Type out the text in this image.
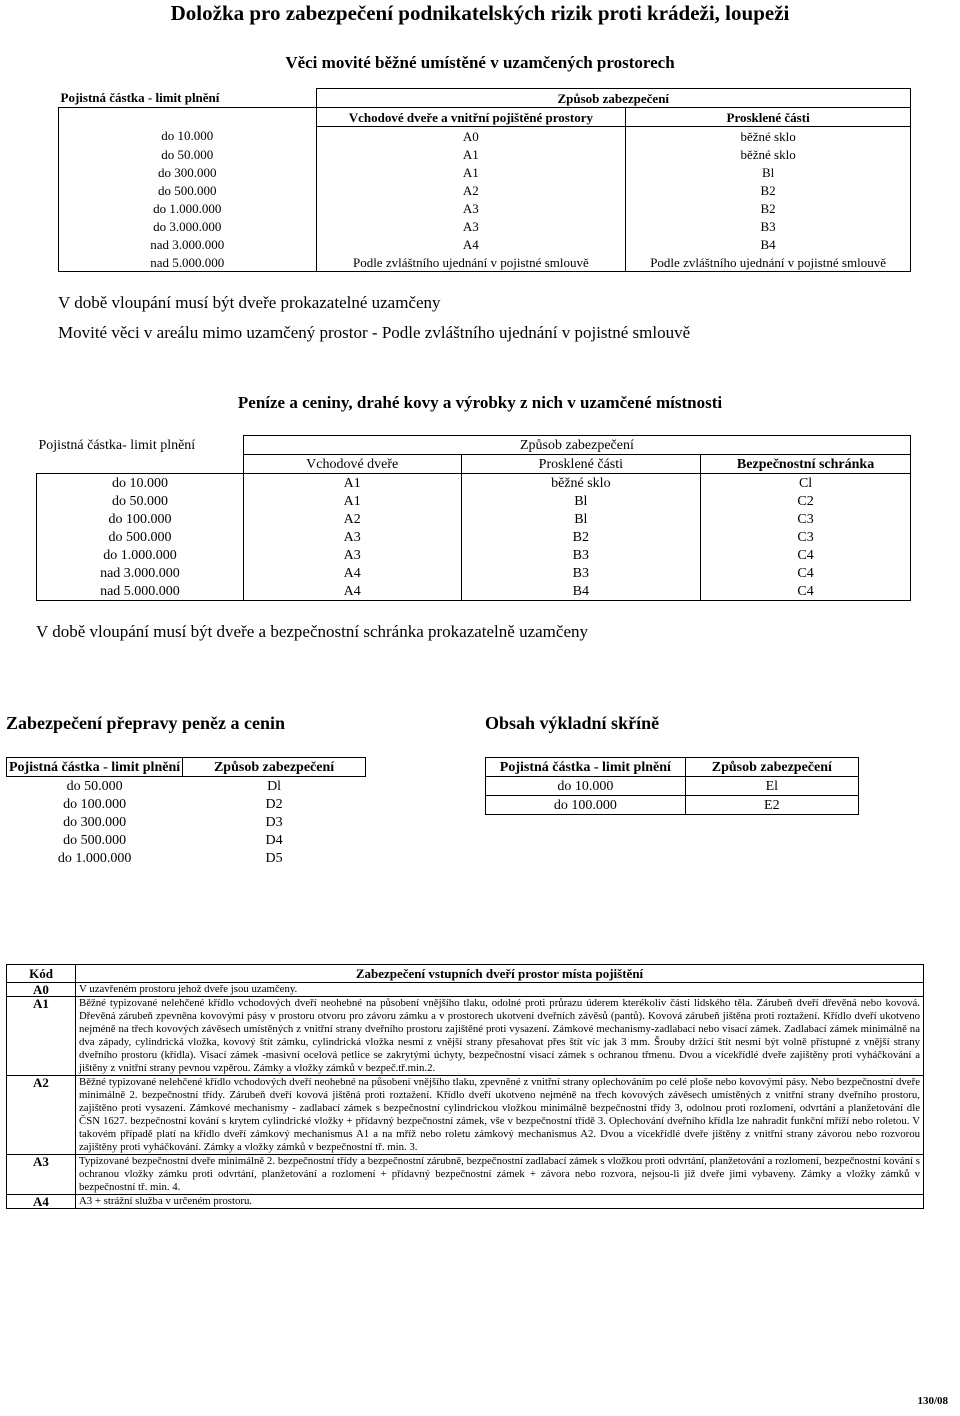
Doložka pro zabezpečení podnikatelských rizik proti krádeži, loupeži
Věci movité běžné umístěné v uzamčených prostorech
Pojistná částka - limit plnění	Způsob zabezpečení	
	Vchodové dveře a vnitřní pojištěné prostory	Prosklené části
do 10.000	A0	běžné sklo
do 50.000	A1	běžné sklo
do 300.000	A1	Bl
do 500.000	A2	B2
do 1.000.000	A3	B2
do 3.000.000	A3	B3
nad 3.000.000	A4	B4
nad 5.000.000	Podle zvláštního ujednání v pojistné smlouvě	Podle zvláštního ujednání v pojistné smlouvě
V době vloupání musí být dveře prokazatelné uzamčeny
Movité věci v areálu mimo uzamčený prostor - Podle zvláštního ujednání v pojistné smlouvě
Peníze a ceniny, drahé kovy a výrobky z nich v uzamčené místnosti
Pojistná částka- limit plnění	Způsob zabezpečení		
	Vchodové dveře	Prosklené části	Bezpečnostní schránka
do 10.000	A1	běžné sklo	Cl
do 50.000	A1	Bl	C2
do 100.000	A2	Bl	C3
do 500.000	A3	B2	C3
do 1.000.000	A3	B3	C4
nad 3.000.000	A4	B3	C4
nad 5.000.000	A4	B4	C4
V době vloupání musí být dveře a bezpečnostní schránka prokazatelně uzamčeny
Zabezpečení přepravy peněz a cenin
Pojistná částka - limit plnění	Způsob zabezpečení
do 50.000	Dl
do 100.000	D2
do 300.000	D3
do 500.000	D4
do 1.000.000	D5
Obsah výkladní skříně
Pojistná částka - limit plnění	Způsob zabezpečení
do 10.000	El
do 100.000	E2
Kód	Zabezpečení vstupních dveří prostor místa pojištění
A0	V uzavřeném prostoru jehož dveře jsou uzamčeny.
A1	Běžné typizované nelehčené křídlo vchodových dveří neohebné na působení vnějšího tlaku, odolné proti průrazu úderem kterékoliv části lidského těla. Zárubeň dveří dřevěná nebo kovová. Dřevěná zárubeň zpevněna kovovými pásy v prostoru otvoru pro závoru zámku a v prostorech ukotvení dveřních závěsů (pantů). Kovová zárubeň jištěna proti roztažení. Křídlo dveří ukotveno nejméně na třech kovových závěsech umístěných z vnitřní strany dveřního prostoru zajištěné proti vysazení. Zámkové mechanismy-zadlabací nebo visací zámek. Zadlabací zámek minimálně na dva západy, cylindrická vložka, kovový štít zámku, cylindrická vložka nesmí z vnější strany přesahovat přes štít víc jak 3 mm. Šrouby držící štít nesmí být volně přístupné z vnější strany dveřního prostoru (křídla). Visací zámek -masivní ocelová petlice se zakrytými úchyty, bezpečnostní visací zámek s ochranou třmenu. Dvou a vícekřídlé dveře zajištěny proti vyháčkování a jištěny z vnitřní strany pevnou vzpěrou. Zámky a vložky zámků v bezpeč.tř.min.2.
A2	Běžné typizované nelehčené křídlo vchodových dveří neohebné na působení vnějšího tlaku, zpevněné z vnitřní strany oplechováním po celé ploše nebo kovovými pásy. Nebo bezpečnostní dveře minimálně 2. bezpečnostní třídy. Zárubeň dveří kovová jištěná proti roztažení. Křídlo dveří ukotveno nejméně na třech kovových závěsech umístěných z vnitřní strany dveřního prostoru, zajištěno proti vysazení. Zámkové mechanismy - zadlabací zámek s bezpečnostní cylindrickou vložkou minimálně bezpečnostní třídy 3, odolnou proti rozlomení, odvrtání a planžetování dle ČSN 1627. bezpečnostní kování s krytem cylindrické vložky + přídavný bezpečnostní zámek, vše v bezpečnostní třídě 3. Oplechování dveřního křídla lze nahradit funkční mříží nebo roletou. V takovém případě platí na křídlo dveří zámkový mechanismus A1 a na mříž nebo roletu zámkový mechanismus A2. Dvou a vícekřídlé dveře jištěny z vnitřní strany závorou nebo rozvorou zajištěny proti vyháčkování. Zámky a vložky zámků v bezpečnostní tř. min. 3.
A3	Typizované bezpečnostní dveře minimálně 2. bezpečnostní třídy a bezpečnostní zárubně, bezpečnostní zadlabací zámek s vložkou proti odvrtání, planžetování a rozlomení, bezpečnostní kování s ochranou vložky zámku proti odvrtání, planžetování a rozlomení + přídavný bezpečnostní zámek + závora nebo rozvora, nejsou-li již dveře jimi vybaveny. Zámky a vložky zámků v bezpečnostní tř. min. 4.
A4	A3 + strážní služba v určeném prostoru.
130/08
